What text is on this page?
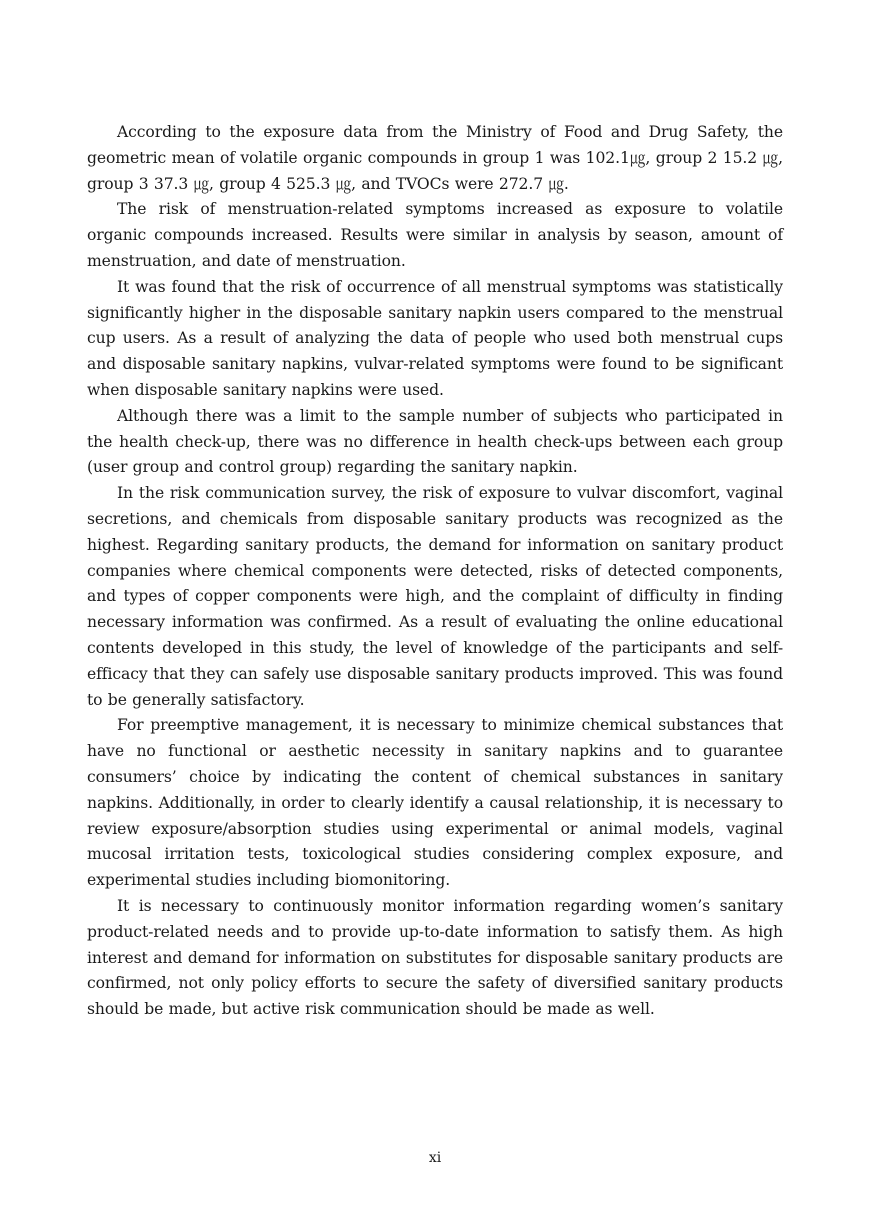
According to the exposure data from the Ministry of Food and Drug Safety, the geometric mean of volatile organic compounds in group 1 was 102.1㎍, group 2 15.2 ㎍, group 3 37.3 ㎍, group 4 525.3 ㎍, and TVOCs were 272.7 ㎍.

The risk of menstruation-related symptoms increased as exposure to volatile organic compounds increased. Results were similar in analysis by season, amount of menstruation, and date of menstruation.

It was found that the risk of occurrence of all menstrual symptoms was statistically significantly higher in the disposable sanitary napkin users compared to the menstrual cup users. As a result of analyzing the data of people who used both menstrual cups and disposable sanitary napkins, vulvar-related symptoms were found to be significant when disposable sanitary napkins were used.

Although there was a limit to the sample number of subjects who participated in the health check-up, there was no difference in health check-ups between each group (user group and control group) regarding the sanitary napkin.

In the risk communication survey, the risk of exposure to vulvar discomfort, vaginal secretions, and chemicals from disposable sanitary products was recognized as the highest. Regarding sanitary products, the demand for information on sanitary product companies where chemical components were detected, risks of detected components, and types of copper components were high, and the complaint of difficulty in finding necessary information was confirmed. As a result of evaluating the online educational contents developed in this study, the level of knowledge of the participants and self-efficacy that they can safely use disposable sanitary products improved. This was found to be generally satisfactory.

For preemptive management, it is necessary to minimize chemical substances that have no functional or aesthetic necessity in sanitary napkins and to guarantee consumers’ choice by indicating the content of chemical substances in sanitary napkins. Additionally, in order to clearly identify a causal relationship, it is necessary to review exposure/absorption studies using experimental or animal models, vaginal mucosal irritation tests, toxicological studies considering complex exposure, and experimental studies including biomonitoring.

It is necessary to continuously monitor information regarding women’s sanitary product-related needs and to provide up-to-date information to satisfy them. As high interest and demand for information on substitutes for disposable sanitary products are confirmed, not only policy efforts to secure the safety of diversified sanitary products should be made, but active risk communication should be made as well.

xi
